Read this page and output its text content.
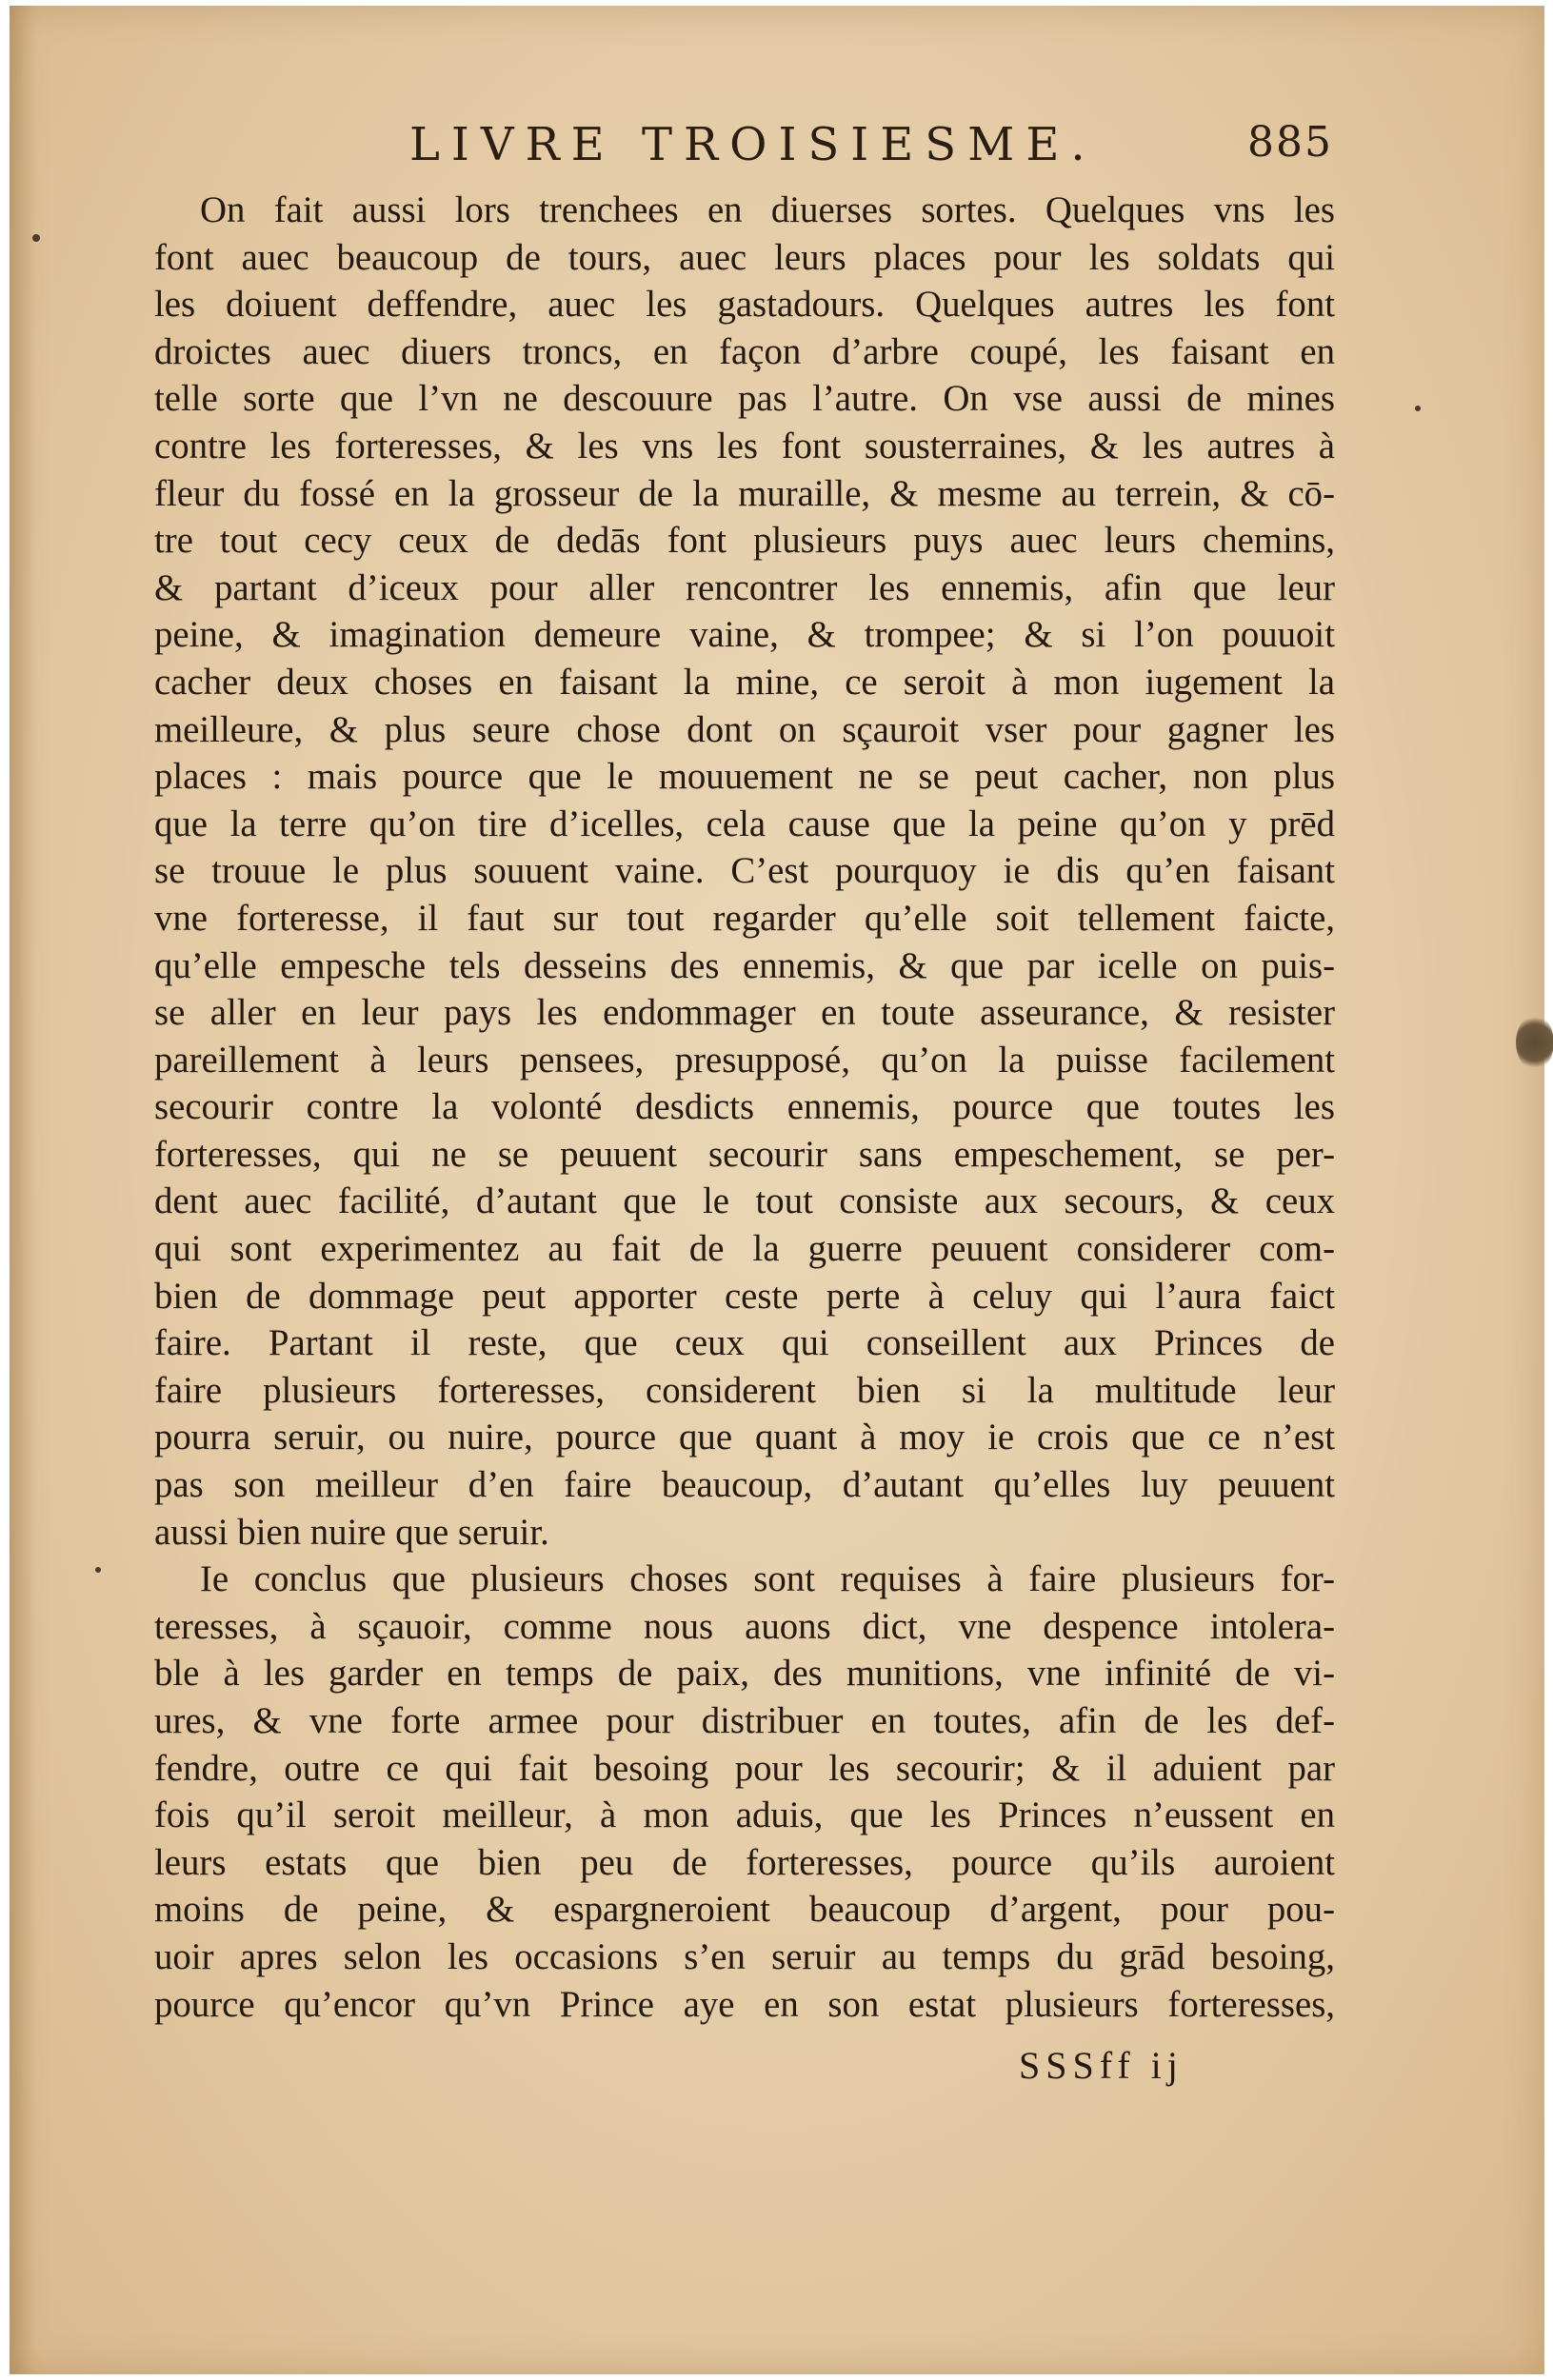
LIVRE TROISIESME.	885
On fait aussi lors trenchees en diuerses sortes. Quelques vns les
font auec beaucoup de tours, auec leurs places pour les soldats qui
les doiuent deffendre, auec les gastadours. Quelques autres les font
droictes auec diuers troncs, en façon d’arbre coupé, les faisant en
telle sorte que l’vn ne descouure pas l’autre. On vse aussi de mines
contre les forteresses, & les vns les font sousterraines, & les autres à
fleur du fossé en la grosseur de la muraille, & mesme au terrein, & cō-
tre tout cecy ceux de dedās font plusieurs puys auec leurs chemins,
& partant d’iceux pour aller rencontrer les ennemis, afin que leur
peine, & imagination demeure vaine, & trompee; & si l’on pouuoit
cacher deux choses en faisant la mine, ce seroit à mon iugement la
meilleure, & plus seure chose dont on sçauroit vser pour gagner les
places : mais pource que le mouuement ne se peut cacher, non plus
que la terre qu’on tire d’icelles, cela cause que la peine qu’on y prēd
se trouue le plus souuent vaine. C’est pourquoy ie dis qu’en faisant
vne forteresse, il faut sur tout regarder qu’elle soit tellement faicte,
qu’elle empesche tels desseins des ennemis, & que par icelle on puis-
se aller en leur pays les endommager en toute asseurance, & resister
pareillement à leurs pensees, presupposé, qu’on la puisse facilement
secourir contre la volonté desdicts ennemis, pource que toutes les
forteresses, qui ne se peuuent secourir sans empeschement, se per-
dent auec facilité, d’autant que le tout consiste aux secours, & ceux
qui sont experimentez au fait de la guerre peuuent considerer com-
bien de dommage peut apporter ceste perte à celuy qui l’aura faict
faire. Partant il reste, que ceux qui conseillent aux Princes de
faire plusieurs forteresses, considerent bien si la multitude leur
pourra seruir, ou nuire, pource que quant à moy ie crois que ce n’est
pas son meilleur d’en faire beaucoup, d’autant qu’elles luy peuuent
aussi bien nuire que seruir.
Ie conclus que plusieurs choses sont requises à faire plusieurs for-
teresses, à sçauoir, comme nous auons dict, vne despence intolera-
ble à les garder en temps de paix, des munitions, vne infinité de vi-
ures, & vne forte armee pour distribuer en toutes, afin de les def-
fendre, outre ce qui fait besoing pour les secourir; & il aduient par
fois qu’il seroit meilleur, à mon aduis, que les Princes n’eussent en
leurs estats que bien peu de forteresses, pource qu’ils auroient
moins de peine, & espargneroient beaucoup d’argent, pour pou-
uoir apres selon les occasions s’en seruir au temps du grād besoing,
pource qu’encor qu’vn Prince aye en son estat plusieurs forteresses,
SSSff ij
